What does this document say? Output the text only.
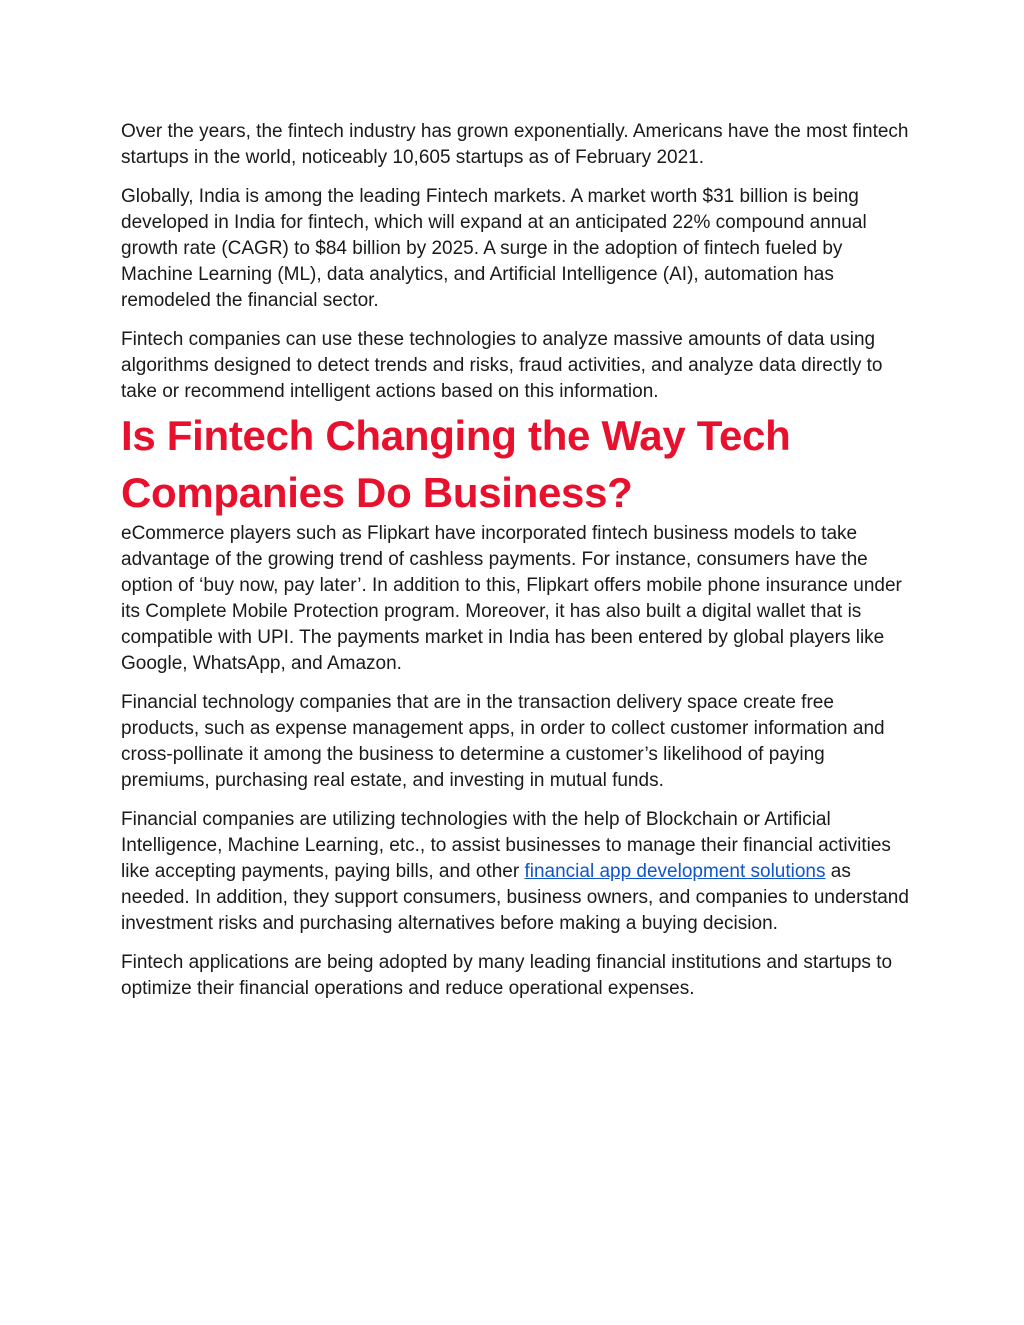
Over the years, the fintech industry has grown exponentially. Americans have the most fintech startups in the world, noticeably 10,605 startups as of February 2021.

Globally, India is among the leading Fintech markets. A market worth $31 billion is being developed in India for fintech, which will expand at an anticipated 22% compound annual growth rate (CAGR) to $84 billion by 2025. A surge in the adoption of fintech fueled by Machine Learning (ML), data analytics, and Artificial Intelligence (AI), automation has remodeled the financial sector.

Fintech companies can use these technologies to analyze massive amounts of data using algorithms designed to detect trends and risks, fraud activities, and analyze data directly to take or recommend intelligent actions based on this information.

Is Fintech Changing the Way Tech Companies Do Business?

eCommerce players such as Flipkart have incorporated fintech business models to take advantage of the growing trend of cashless payments. For instance, consumers have the option of ‘buy now, pay later’. In addition to this, Flipkart offers mobile phone insurance under its Complete Mobile Protection program. Moreover, it has also built a digital wallet that is compatible with UPI. The payments market in India has been entered by global players like Google, WhatsApp, and Amazon.

Financial technology companies that are in the transaction delivery space create free products, such as expense management apps, in order to collect customer information and cross-pollinate it among the business to determine a customer’s likelihood of paying premiums, purchasing real estate, and investing in mutual funds.

Financial companies are utilizing technologies with the help of Blockchain or Artificial Intelligence, Machine Learning, etc., to assist businesses to manage their financial activities like accepting payments, paying bills, and other financial app development solutions as needed. In addition, they support consumers, business owners, and companies to understand investment risks and purchasing alternatives before making a buying decision.

Fintech applications are being adopted by many leading financial institutions and startups to optimize their financial operations and reduce operational expenses.
